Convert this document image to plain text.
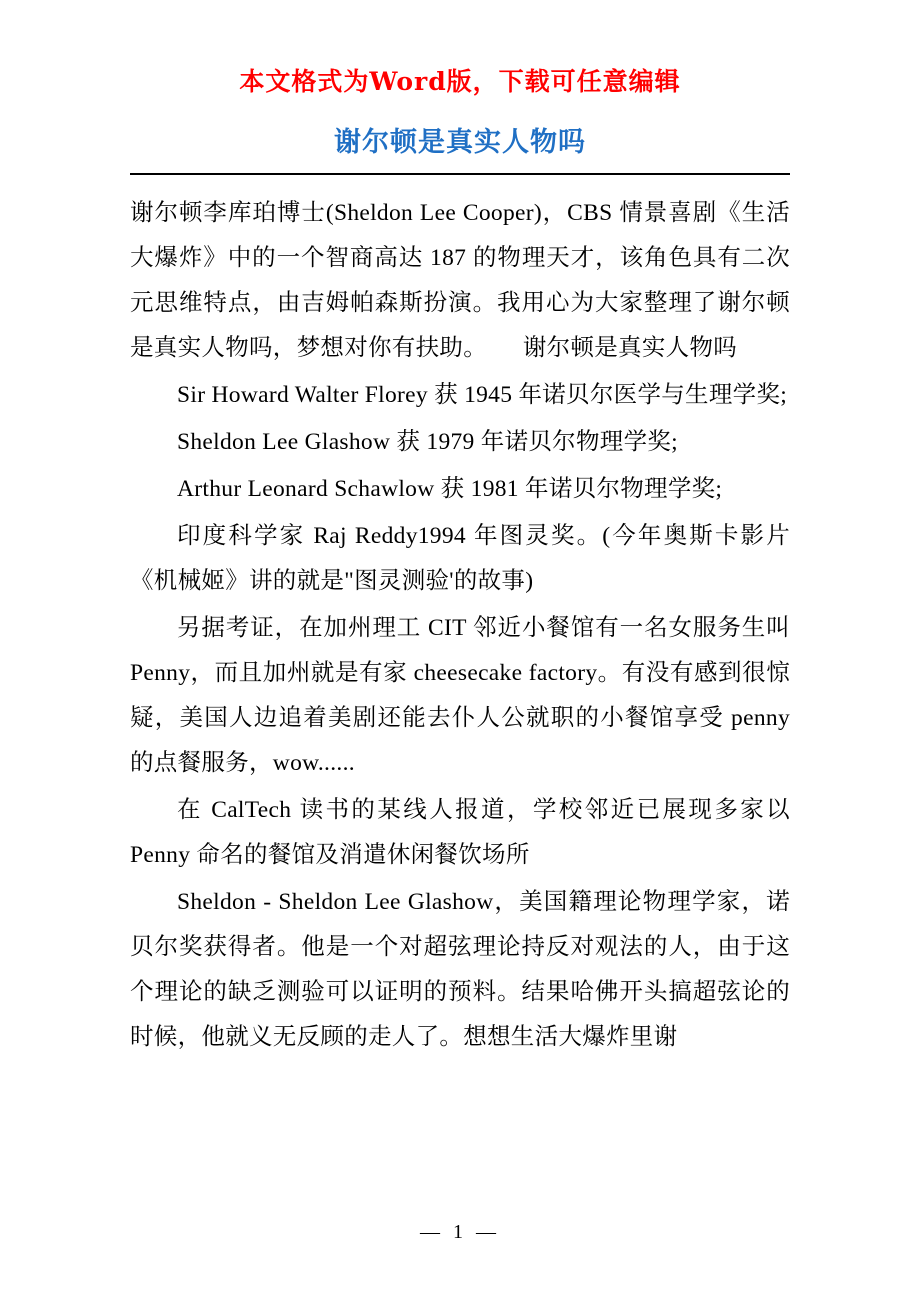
本文格式为Word版，下载可任意编辑
谢尔顿是真实人物吗

谢尔顿李库珀博士(Sheldon Lee Cooper)，CBS 情景喜剧《生活大爆炸》中的一个智商高达 187 的物理天才，该角色具有二次元思维特点，由吉姆帕森斯扮演。我用心为大家整理了谢尔顿是真实人物吗，梦想对你有扶助。　　谢尔顿是真实人物吗

Sir Howard Walter Florey 获 1945 年诺贝尔医学与生理学奖;

Sheldon Lee Glashow 获 1979 年诺贝尔物理学奖;

Arthur Leonard Schawlow 获 1981 年诺贝尔物理学奖;

印度科学家 Raj Reddy1994 年图灵奖。(今年奥斯卡影片《机械姬》讲的就是"图灵测验'的故事)

另据考证，在加州理工 CIT 邻近小餐馆有一名女服务生叫 Penny，而且加州就是有家 cheesecake factory。有没有感到很惊疑，美国人边追着美剧还能去仆人公就职的小餐馆享受 penny 的点餐服务，wow......

在 CalTech 读书的某线人报道，学校邻近已展现多家以 Penny 命名的餐馆及消遣休闲餐饮场所

Sheldon - Sheldon Lee Glashow，美国籍理论物理学家，诺贝尔奖获得者。他是一个对超弦理论持反对观法的人，由于这个理论的缺乏测验可以证明的预料。结果哈佛开头搞超弦论的时候，他就义无反顾的走人了。想想生活大爆炸里谢

— 1 —
